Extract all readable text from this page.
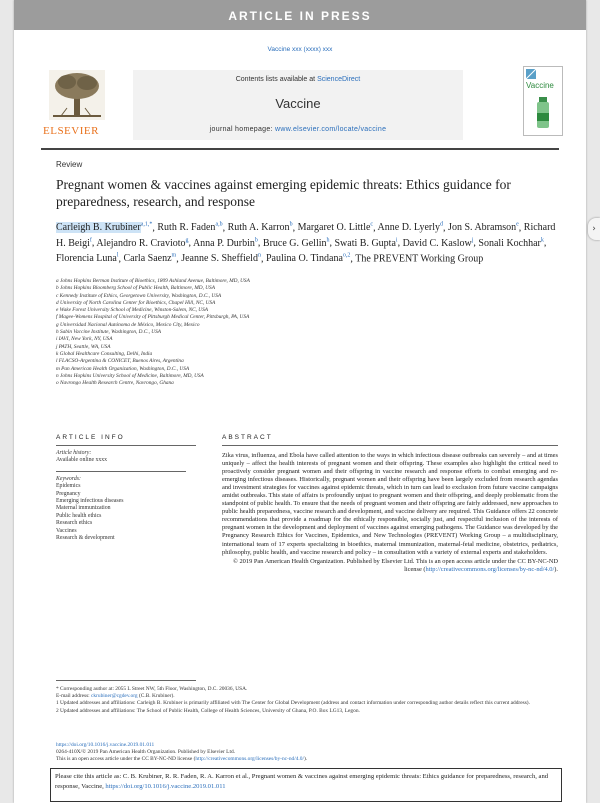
ARTICLE IN PRESS
Vaccine xxx (xxxx) xxx
ELSEVIER
Contents lists available at ScienceDirect
Vaccine
journal homepage: www.elsevier.com/locate/vaccine
Vaccine
Review
Pregnant women & vaccines against emerging epidemic threats: Ethics guidance for preparedness, research, and response
Carleigh B. Krubiner$^{a,1,*}$, Ruth R. Faden$^{a,b}$, Ruth A. Karron$^b$, Margaret O. Little$^c$, Anne D. Lyerly$^d$, Jon S. Abramson$^e$, Richard H. Beigi$^f$, Alejandro R. Cravioto$^g$, Anna P. Durbin$^b$, Bruce G. Gellin$^h$, Swati B. Gupta$^i$, David C. Kaslow$^j$, Sonali Kochhar$^k$, Florencia Luna$^l$, Carla Saenz$^m$, Jeanne S. Sheffield$^n$, Paulina O. Tindana$^{o,2}$, The PREVENT Working Group
a Johns Hopkins Berman Institute of Bioethics, 1809 Ashland Avenue, Baltimore, MD, USA
b Johns Hopkins Bloomberg School of Public Health, Baltimore, MD, USA
c Kennedy Institute of Ethics, Georgetown University, Washington, D.C., USA
d University of North Carolina Center for Bioethics, Chapel Hill, NC, USA
e Wake Forest University School of Medicine, Winston-Salem, NC, USA
f Magee-Womens Hospital of University of Pittsburgh Medical Center, Pittsburgh, PA, USA
g Universidad Nacional Autónoma de México, Mexico City, Mexico
h Sabin Vaccine Institute, Washington, D.C., USA
i IAVI, New York, NY, USA
j PATH, Seattle, WA, USA
k Global Healthcare Consulting, Delhi, India
l FLACSO-Argentina & CONICET, Buenos Aires, Argentina
m Pan American Health Organization, Washington, D.C., USA
n Johns Hopkins University School of Medicine, Baltimore, MD, USA
o Navrongo Health Research Centre, Navrongo, Ghana
ARTICLE INFO	ABSTRACT
Article history:
Available online xxxx
Keywords:
Epidemics
Pregnancy
Emerging infectious diseases
Maternal immunization
Public health ethics
Research ethics
Vaccines
Research & development
Zika virus, influenza, and Ebola have called attention to the ways in which infectious disease outbreaks can severely – and at times uniquely – affect the health interests of pregnant women and their offspring. These examples also highlight the critical need to proactively consider pregnant women and their offspring in vaccine research and response efforts to combat emerging and re-emerging infectious diseases. Historically, pregnant women and their offspring have been largely excluded from research agendas and investment strategies for vaccines against epidemic threats, which in turn can lead to exclusion from future vaccine campaigns amidst outbreaks. This state of affairs is profoundly unjust to pregnant women and their offspring, and deeply problematic from the standpoint of public health. To ensure that the needs of pregnant women and their offspring are fairly addressed, new approaches to public health preparedness, vaccine research and development, and vaccine delivery are required. This Guidance offers 22 concrete recommendations that provide a roadmap for the ethically responsible, socially just, and respectful inclusion of the interests of pregnant women in the development and deployment of vaccines against emerging pathogens. The Guidance was developed by the Pregnancy Research Ethics for Vaccines, Epidemics, and New Technologies (PREVENT) Working Group – a multidisciplinary, international team of 17 experts specializing in bioethics, maternal immunization, maternal-fetal medicine, obstetrics, pediatrics, philosophy, public health, and vaccine research and policy – in consultation with a variety of external experts and stakeholders.
© 2019 Pan American Health Organization. Published by Elsevier Ltd. This is an open access article under the CC BY-NC-ND license (http://creativecommons.org/licenses/by-nc-nd/4.0/).
* Corresponding author at: 2055 L Street NW, 5th Floor, Washington, D.C. 20036, USA.
E-mail address: ckrubiner@cgdev.org (C.B. Krubiner).
1 Updated addresses and affiliations: Carleigh B. Krubiner is primarily affiliated with The Center for Global Development (address and contact information under corresponding author details reflect this current address).
2 Updated addresses and affiliations: The School of Public Health, College of Health Sciences, University of Ghana, P.O. Box LG13, Legon.
https://doi.org/10.1016/j.vaccine.2019.01.011
0264-410X/© 2019 Pan American Health Organization. Published by Elsevier Ltd.
This is an open access article under the CC BY-NC-ND license (http://creativecommons.org/licenses/by-nc-nd/4.0/).
Please cite this article as: C. B. Krubiner, R. R. Faden, R. A. Karron et al., Pregnant women & vaccines against emerging epidemic threats: Ethics guidance for preparedness, research, and response, Vaccine, https://doi.org/10.1016/j.vaccine.2019.01.011
›
